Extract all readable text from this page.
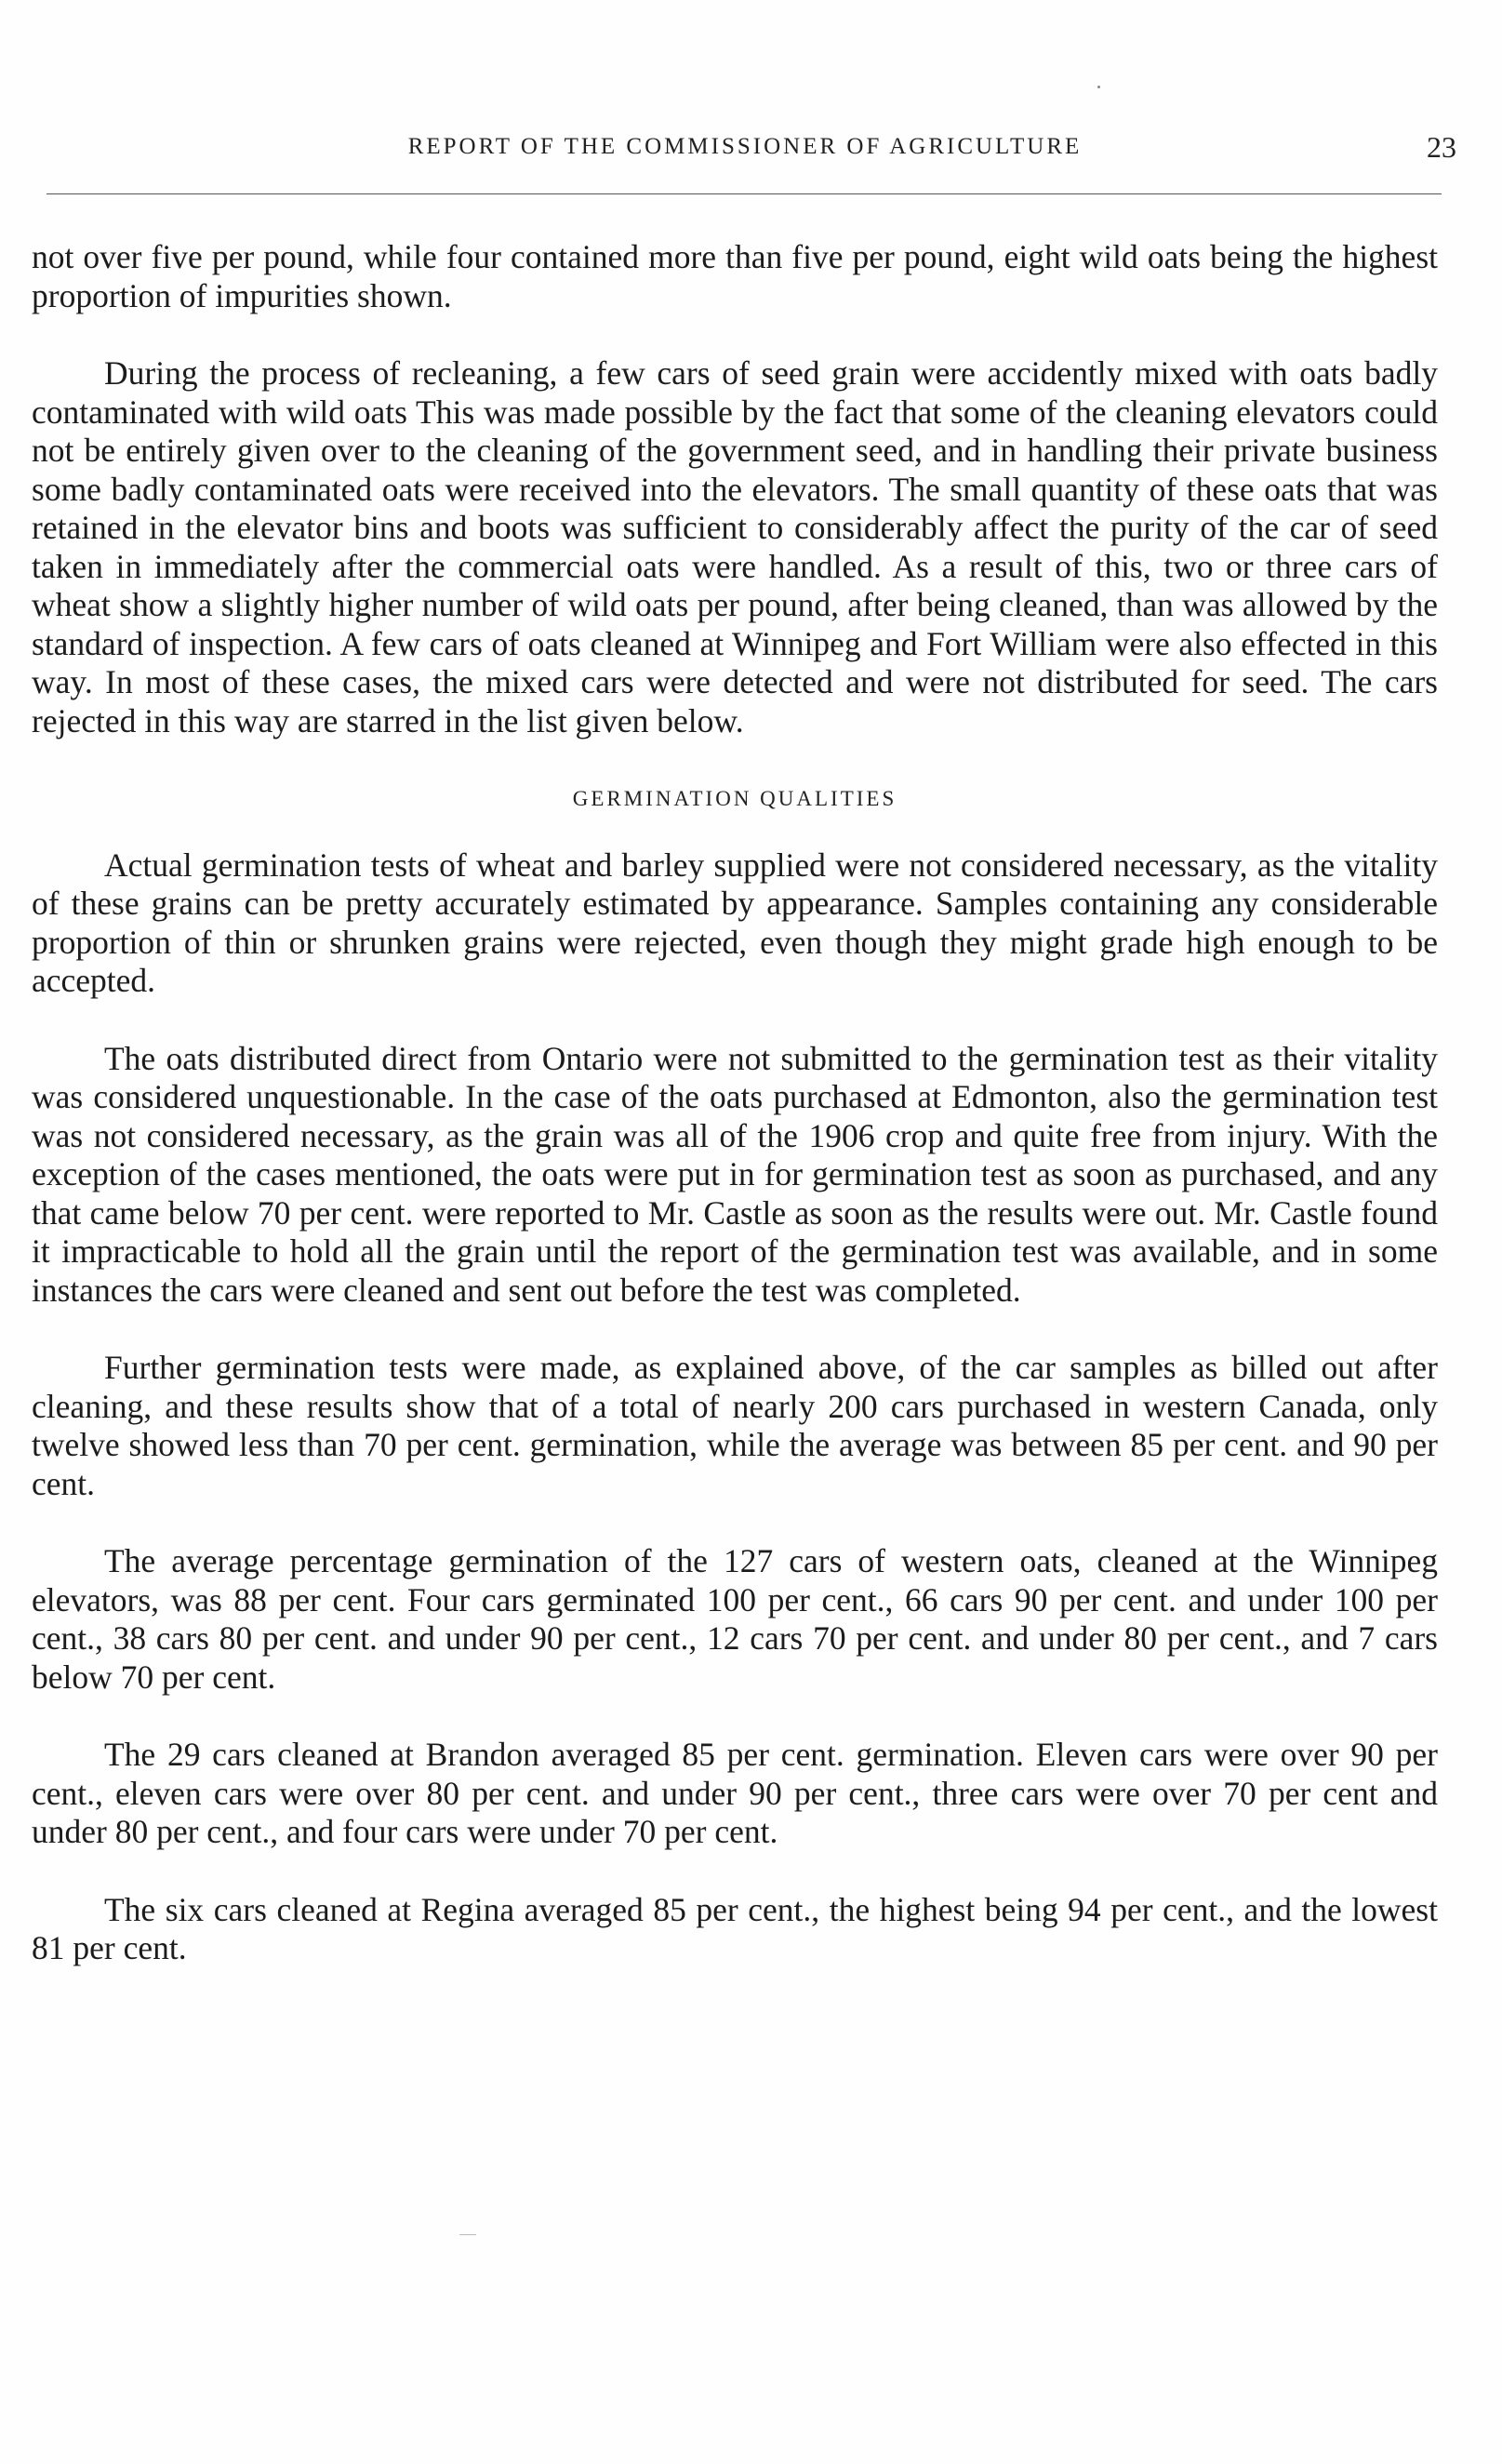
REPORT OF THE COMMISSIONER OF AGRICULTURE	23

not over five per pound, while four contained more than five per pound, eight wild oats being the highest proportion of impurities shown.

During the process of recleaning, a few cars of seed grain were accidently mixed with oats badly contaminated with wild oats This was made possible by the fact that some of the cleaning elevators could not be entirely given over to the cleaning of the government seed, and in handling their private business some badly contaminated oats were received into the elevators. The small quantity of these oats that was retained in the elevator bins and boots was sufficient to considerably affect the purity of the car of seed taken in immediately after the commercial oats were handled. As a result of this, two or three cars of wheat show a slightly higher number of wild oats per pound, after being cleaned, than was allowed by the standard of inspection. A few cars of oats cleaned at Winnipeg and Fort William were also effected in this way. In most of these cases, the mixed cars were detected and were not distributed for seed. The cars rejected in this way are starred in the list given below.

GERMINATION QUALITIES

Actual germination tests of wheat and barley supplied were not considered necessary, as the vitality of these grains can be pretty accurately estimated by appearance. Samples containing any considerable proportion of thin or shrunken grains were rejected, even though they might grade high enough to be accepted.

The oats distributed direct from Ontario were not submitted to the germination test as their vitality was considered unquestionable. In the case of the oats purchased at Edmonton, also the germination test was not considered necessary, as the grain was all of the 1906 crop and quite free from injury. With the exception of the cases mentioned, the oats were put in for germination test as soon as purchased, and any that came below 70 per cent. were reported to Mr. Castle as soon as the results were out. Mr. Castle found it impracticable to hold all the grain until the report of the germination test was available, and in some instances the cars were cleaned and sent out before the test was completed.

Further germination tests were made, as explained above, of the car samples as billed out after cleaning, and these results show that of a total of nearly 200 cars purchased in western Canada, only twelve showed less than 70 per cent. germination, while the average was between 85 per cent. and 90 per cent.

The average percentage germination of the 127 cars of western oats, cleaned at the Winnipeg elevators, was 88 per cent. Four cars germinated 100 per cent., 66 cars 90 per cent. and under 100 per cent., 38 cars 80 per cent. and under 90 per cent., 12 cars 70 per cent. and under 80 per cent., and 7 cars below 70 per cent.

The 29 cars cleaned at Brandon averaged 85 per cent. germination. Eleven cars were over 90 per cent., eleven cars were over 80 per cent. and under 90 per cent., three cars were over 70 per cent and under 80 per cent., and four cars were under 70 per cent.

The six cars cleaned at Regina averaged 85 per cent., the highest being 94 per cent., and the lowest 81 per cent.
